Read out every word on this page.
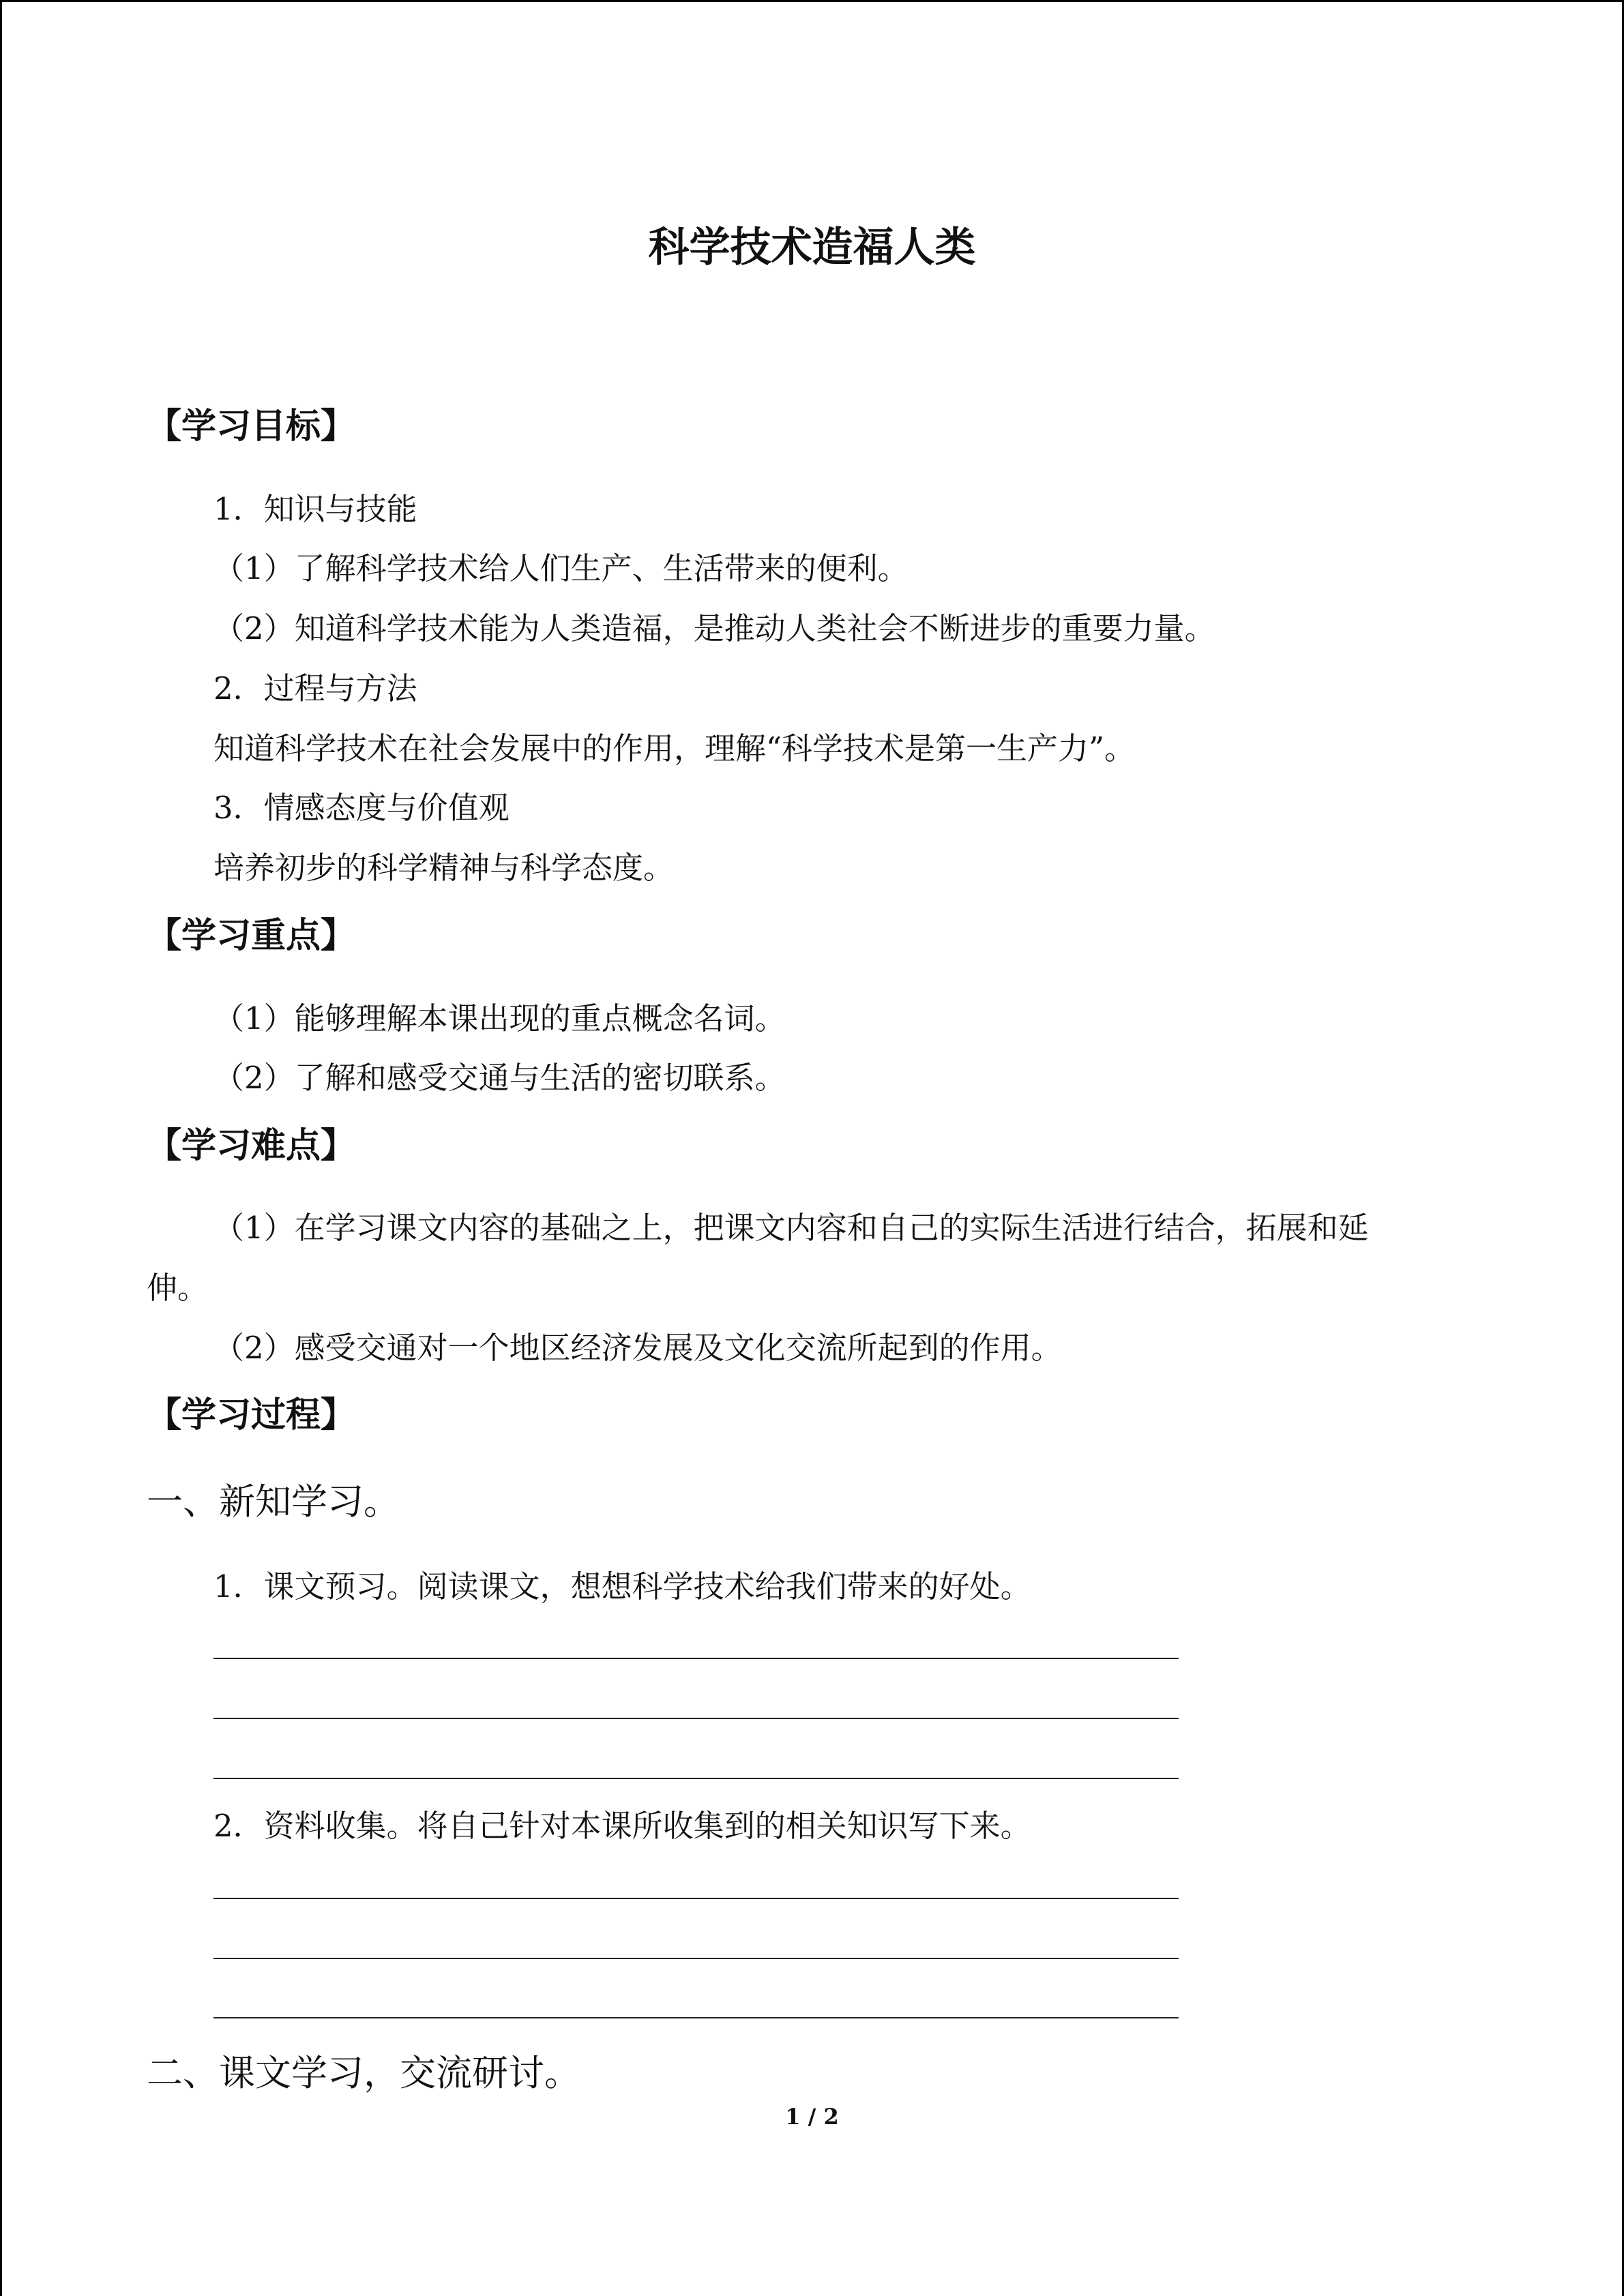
科学技术造福人类
【学习目标】
1．知识与技能
（1）了解科学技术给人们生产、生活带来的便利。
（2）知道科学技术能为人类造福，是推动人类社会不断进步的重要力量。
2．过程与方法
知道科学技术在社会发展中的作用，理解“科学技术是第一生产力”。
3．情感态度与价值观
培养初步的科学精神与科学态度。
【学习重点】
（1）能够理解本课出现的重点概念名词。
（2）了解和感受交通与生活的密切联系。
【学习难点】
（1）在学习课文内容的基础之上，把课文内容和自己的实际生活进行结合，拓展和延
伸。
（2）感受交通对一个地区经济发展及文化交流所起到的作用。
【学习过程】
一、新知学习。
1．课文预习。阅读课文，想想科学技术给我们带来的好处。
2．资料收集。将自己针对本课所收集到的相关知识写下来。
二、课文学习，交流研讨。
1 / 2
